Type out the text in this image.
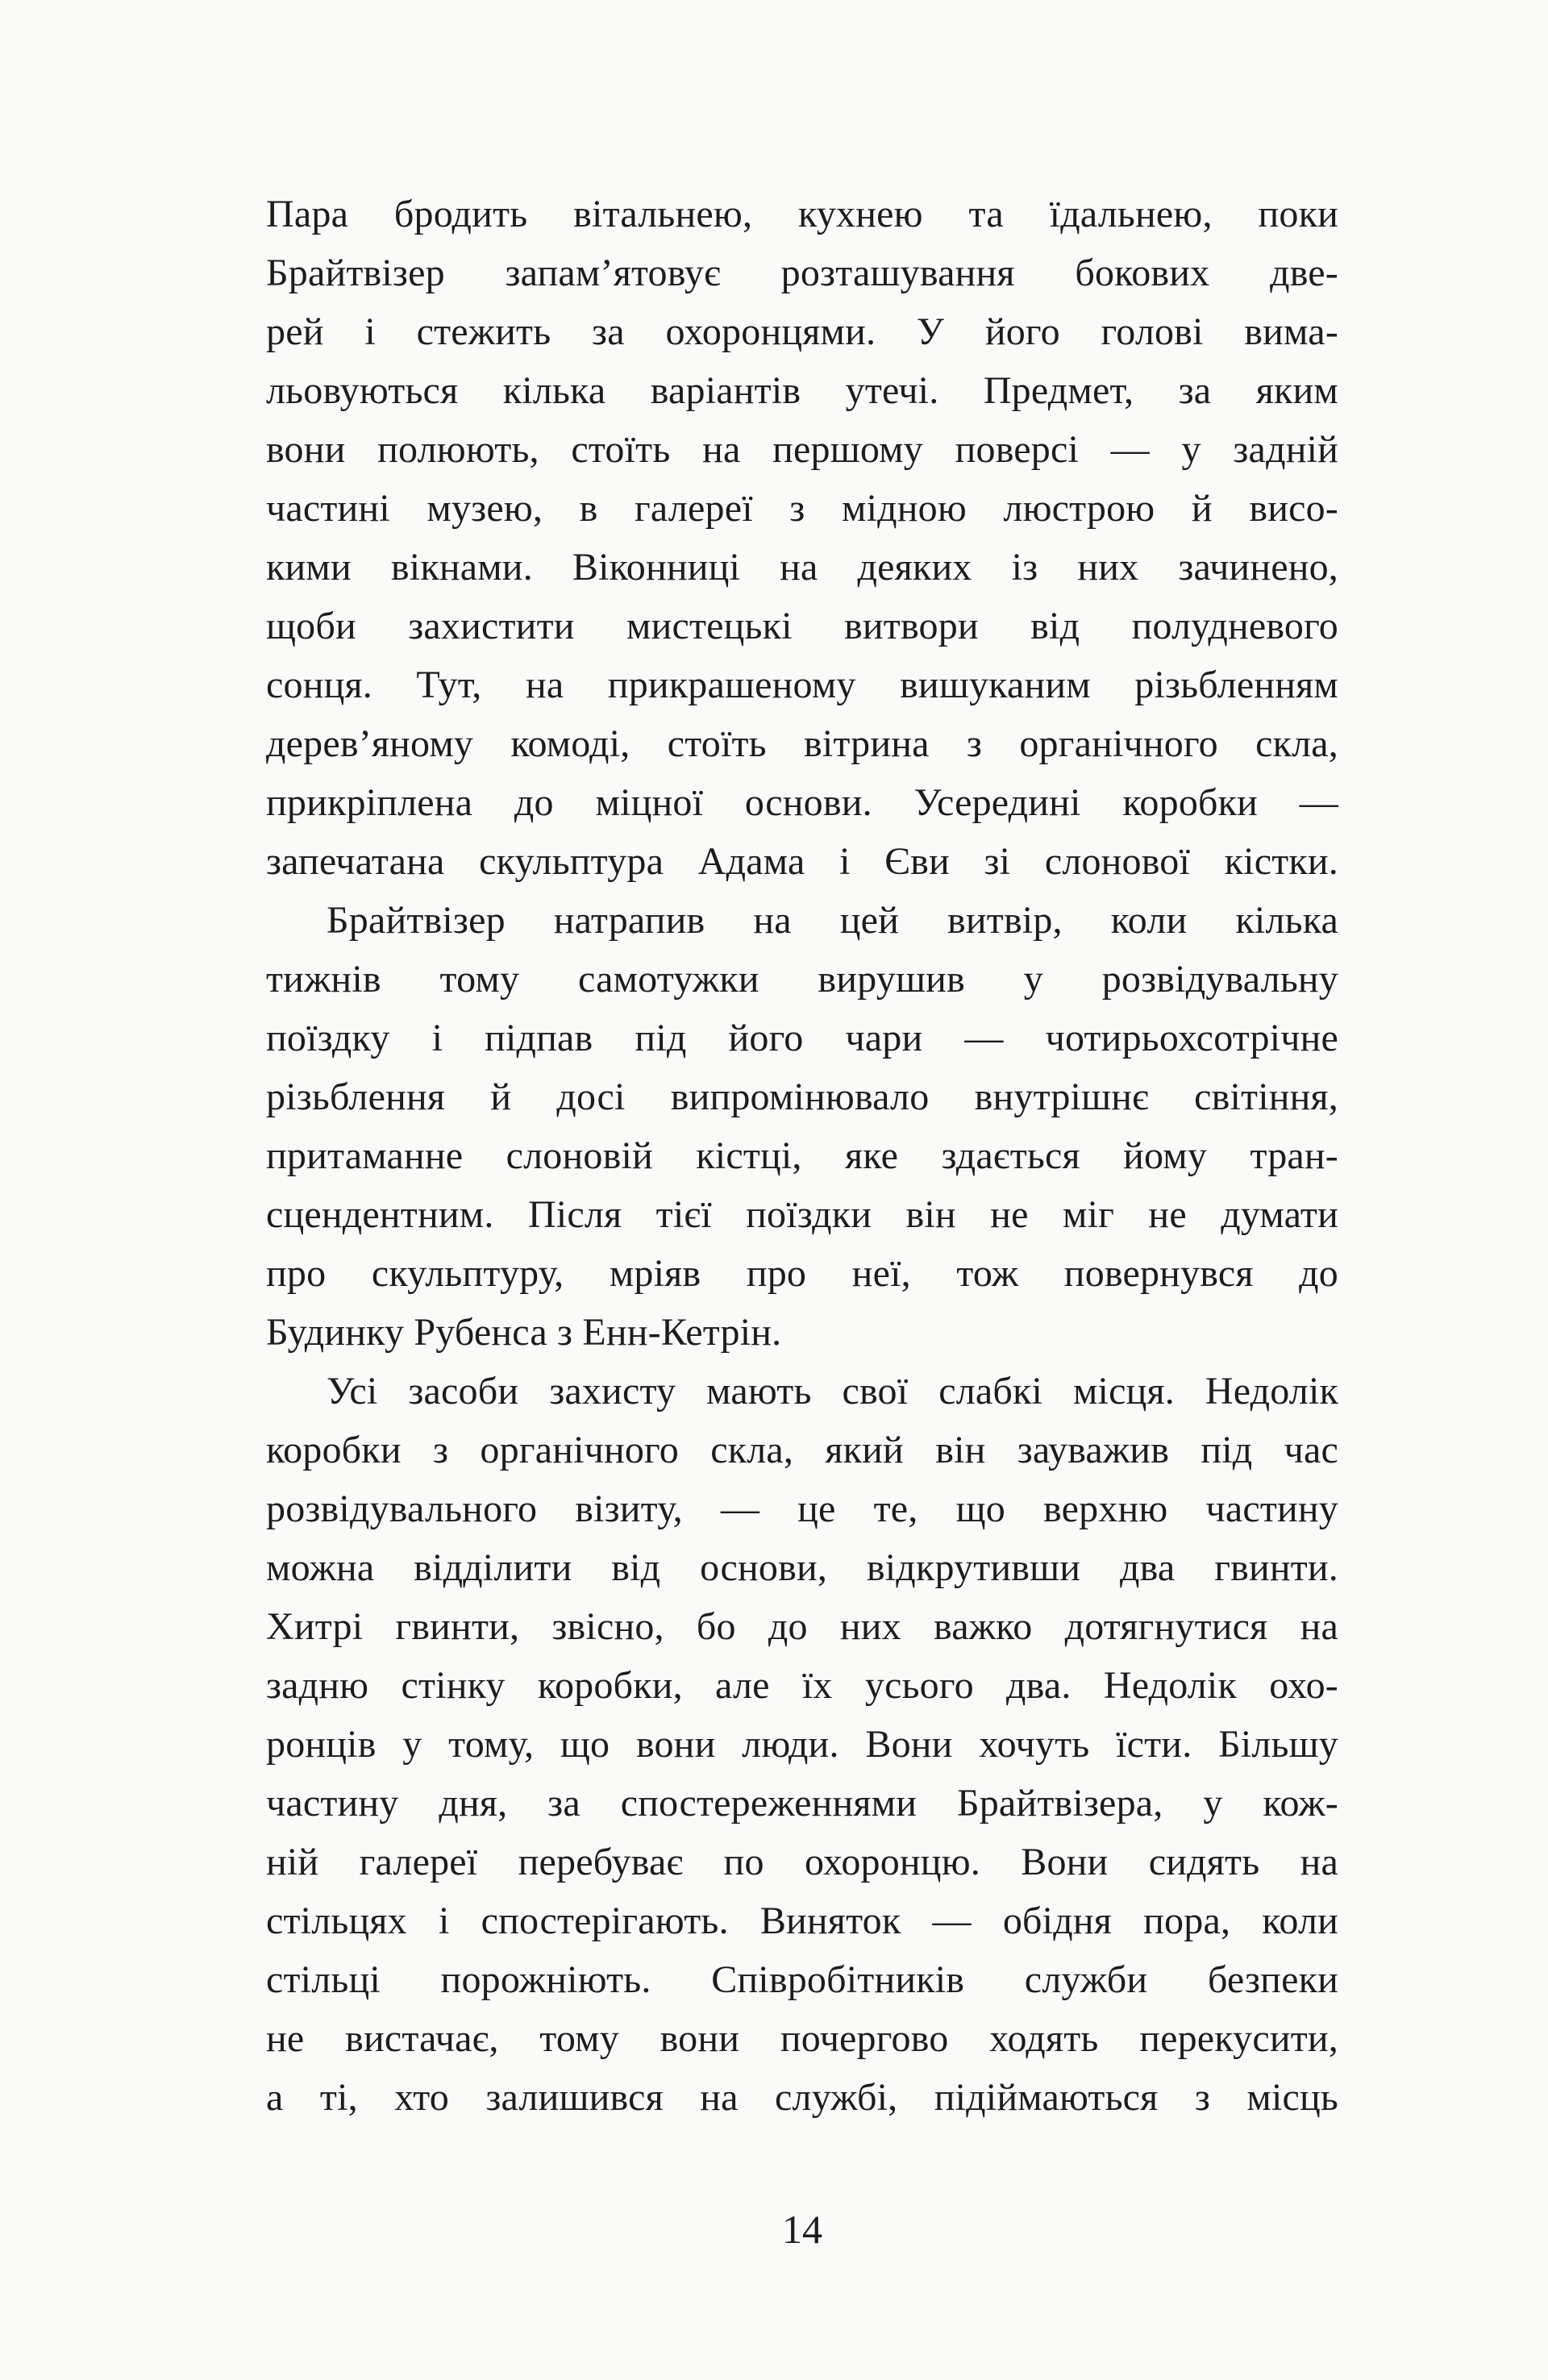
Пара бродить вітальнею, кухнею та їдальнею, поки
Брайтвізер запам’ятовує розташування бокових две-
рей і стежить за охоронцями. У його голові вима-
льовуються кілька варіантів утечі. Предмет, за яким
вони полюють, стоїть на першому поверсі — у задній
частині музею, в галереї з мідною люстрою й висо-
кими вікнами. Віконниці на деяких із них зачинено,
щоби захистити мистецькі витвори від полудневого
сонця. Тут, на прикрашеному вишуканим різьбленням
дерев’яному комоді, стоїть вітрина з органічного скла,
прикріплена до міцної основи. Усередині коробки —
запечатана скульптура Адама і Єви зі слонової кістки.
Брайтвізер натрапив на цей витвір, коли кілька
тижнів тому самотужки вирушив у розвідувальну
поїздку і підпав під його чари — чотирьохсотрічне
різьблення й досі випромінювало внутрішнє світіння,
притаманне слоновій кістці, яке здається йому тран-
сцендентним. Після тієї поїздки він не міг не думати
про скульптуру, мріяв про неї, тож повернувся до
Будинку Рубенса з Енн-Кетрін.
Усі засоби захисту мають свої слабкі місця. Недолік
коробки з органічного скла, який він зауважив під час
розвідувального візиту, — це те, що верхню частину
можна відділити від основи, відкрутивши два гвинти.
Хитрі гвинти, звісно, бо до них важко дотягнутися на
задню стінку коробки, але їх усього два. Недолік охо-
ронців у тому, що вони люди. Вони хочуть їсти. Більшу
частину дня, за спостереженнями Брайтвізера, у кож-
ній галереї перебуває по охоронцю. Вони сидять на
стільцях і спостерігають. Виняток — обідня пора, коли
стільці порожніють. Співробітників служби безпеки
не вистачає, тому вони почергово ходять перекусити,
а ті, хто залишився на службі, підіймаються з місць
14
